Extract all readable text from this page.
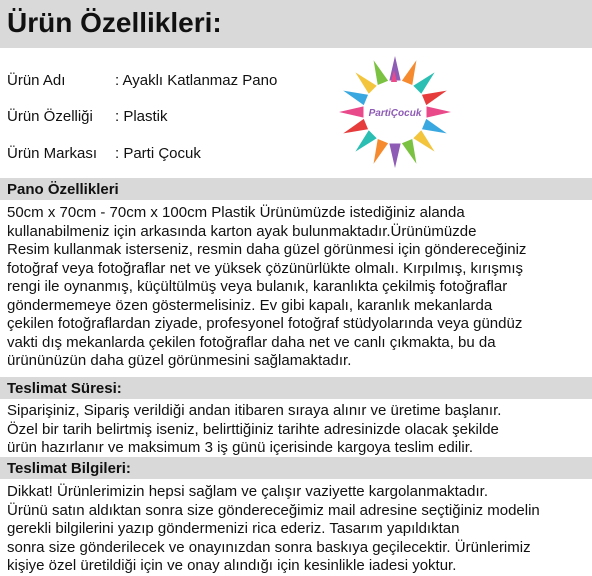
Ürün Özellikleri:
Ürün Adı	: Ayaklı Katlanmaz Pano
Ürün Özelliği : Plastik
Ürün Markası : Parti Çocuk
PartiÇocuk
Pano Özellikleri
50cm x 70cm - 70cm x 100cm Plastik Ürünümüzde istediğiniz alanda
kullanabilmeniz için arkasında karton ayak bulunmaktadır.Ürünümüzde
Resim kullanmak isterseniz, resmin daha güzel görünmesi için göndereceğiniz
fotoğraf veya fotoğraflar net ve yüksek çözünürlükte olmalı. Kırpılmış, kırışmış
rengi ile oynanmış, küçültülmüş veya bulanık, karanlıkta çekilmiş fotoğraflar
göndermemeye özen göstermelisiniz. Ev gibi kapalı, karanlık mekanlarda
çekilen fotoğraflardan ziyade, profesyonel fotoğraf stüdyolarında veya gündüz
vakti dış mekanlarda çekilen fotoğraflar daha net ve canlı çıkmakta, bu da
ürününüzün daha güzel görünmesini sağlamaktadır.
Teslimat Süresi:
Siparişiniz, Sipariş verildiği andan itibaren sıraya alınır ve üretime başlanır.
Özel bir tarih belirtmiş iseniz, belirttiğiniz tarihte adresinizde olacak şekilde
ürün hazırlanır ve maksimum 3 iş günü içerisinde kargoya teslim edilir.
Teslimat Bilgileri:
Dikkat! Ürünlerimizin hepsi sağlam ve çalışır vaziyette kargolanmaktadır.
Ürünü satın aldıktan sonra size göndereceğimiz mail adresine seçtiğiniz modelin
gerekli bilgilerini yazıp göndermenizi rica ederiz. Tasarım yapıldıktan
sonra size gönderilecek ve onayınızdan sonra baskıya geçilecektir. Ürünlerimiz
kişiye özel üretildiği için ve onay alındığı için kesinlikle iadesi yoktur.
